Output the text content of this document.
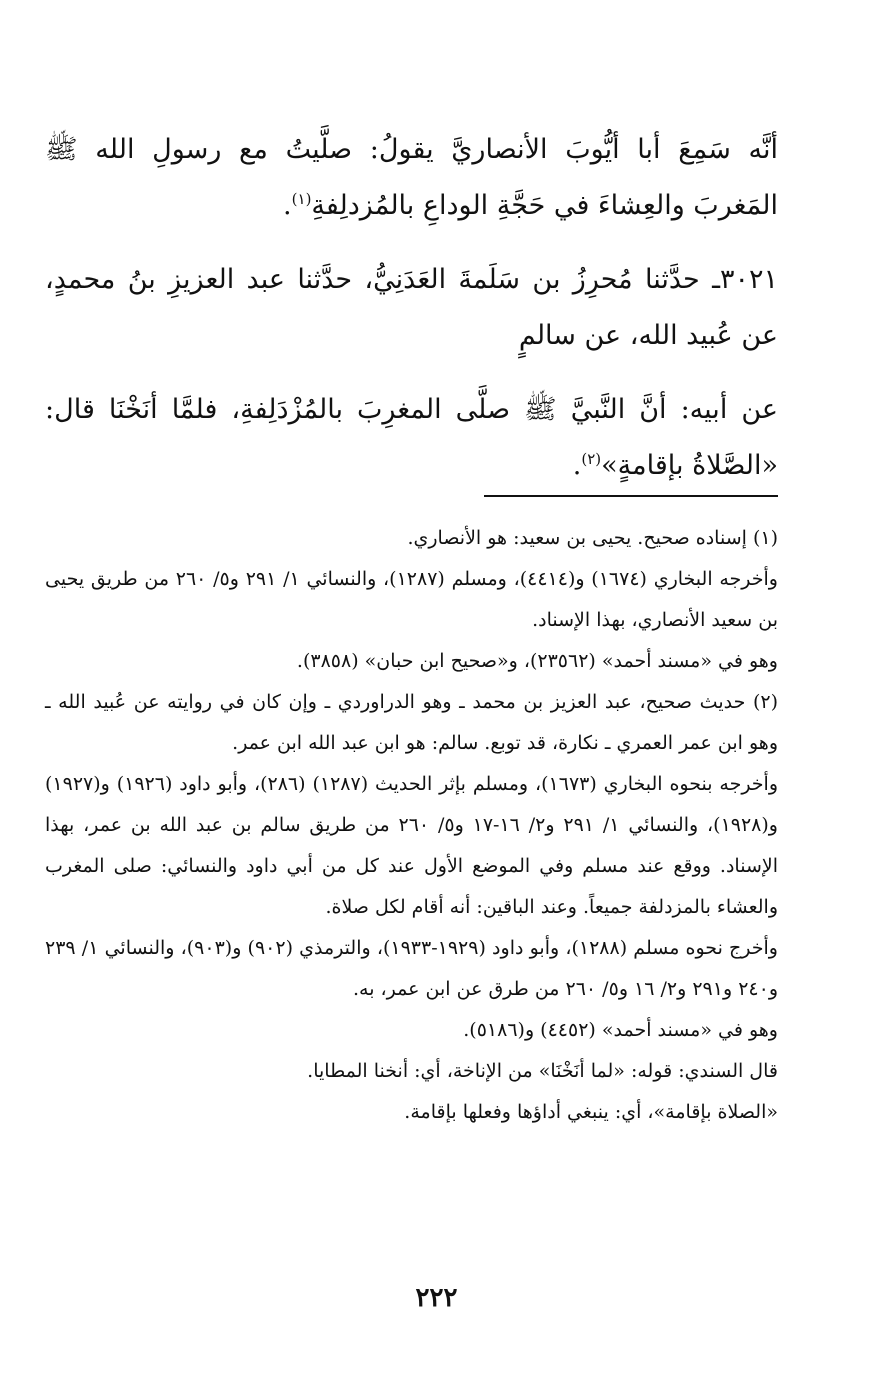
أنَّه سَمِعَ أبا أيُّوبَ الأنصاريَّ يقولُ: صلَّيتُ مع رسولِ الله ﷺ المَغربَ والعِشاءَ في حَجَّةِ الوداعِ بالمُزدلِفةِ$^{(١)}$.

٣٠٢١ـ حدَّثنا مُحرِزُ بن سَلَمةَ العَدَنِيُّ، حدَّثنا عبد العزيزِ بنُ محمدٍ، عن عُبيد الله، عن سالمٍ

عن أبيه: أنَّ النَّبيَّ ﷺ صلَّى المغرِبَ بالمُزْدَلِفةِ، فلمَّا أنَخْنَا قال: «الصَّلاةُ بإقامةٍ»$^{(٢)}$.

(١) إسناده صحيح. يحيى بن سعيد: هو الأنصاري.

وأخرجه البخاري (١٦٧٤) و(٤٤١٤)، ومسلم (١٢٨٧)، والنسائي ١/ ٢٩١ و٥/ ٢٦٠ من طريق يحيى بن سعيد الأنصاري، بهذا الإسناد.

وهو في «مسند أحمد» (٢٣٥٦٢)، و«صحيح ابن حبان» (٣٨٥٨).

(٢) حديث صحيح، عبد العزيز بن محمد ـ وهو الدراوردي ـ وإن كان في روايته عن عُبيد الله ـ وهو ابن عمر العمري ـ نكارة، قد توبع. سالم: هو ابن عبد الله ابن عمر.

وأخرجه بنحوه البخاري (١٦٧٣)، ومسلم بإثر الحديث (١٢٨٧) (٢٨٦)، وأبو داود (١٩٢٦) و(١٩٢٧) و(١٩٢٨)، والنسائي ١/ ٢٩١ و٢/ ١٦-١٧ و٥/ ٢٦٠ من طريق سالم بن عبد الله بن عمر، بهذا الإسناد. ووقع عند مسلم وفي الموضع الأول عند كل من أبي داود والنسائي: صلى المغرب والعشاء بالمزدلفة جميعاً. وعند الباقين: أنه أقام لكل صلاة.

وأخرج نحوه مسلم (١٢٨٨)، وأبو داود (١٩٢٩-١٩٣٣)، والترمذي (٩٠٢) و(٩٠٣)، والنسائي ١/ ٢٣٩ و٢٤٠ و٢٩١ و٢/ ١٦ و٥/ ٢٦٠ من طرق عن ابن عمر، به.

وهو في «مسند أحمد» (٤٤٥٢) و(٥١٨٦).

قال السندي: قوله: «لما أنَخْنَا» من الإناخة، أي: أنخنا المطايا.

«الصلاة بإقامة»، أي: ينبغي أداؤها وفعلها بإقامة.

٢٢٢
